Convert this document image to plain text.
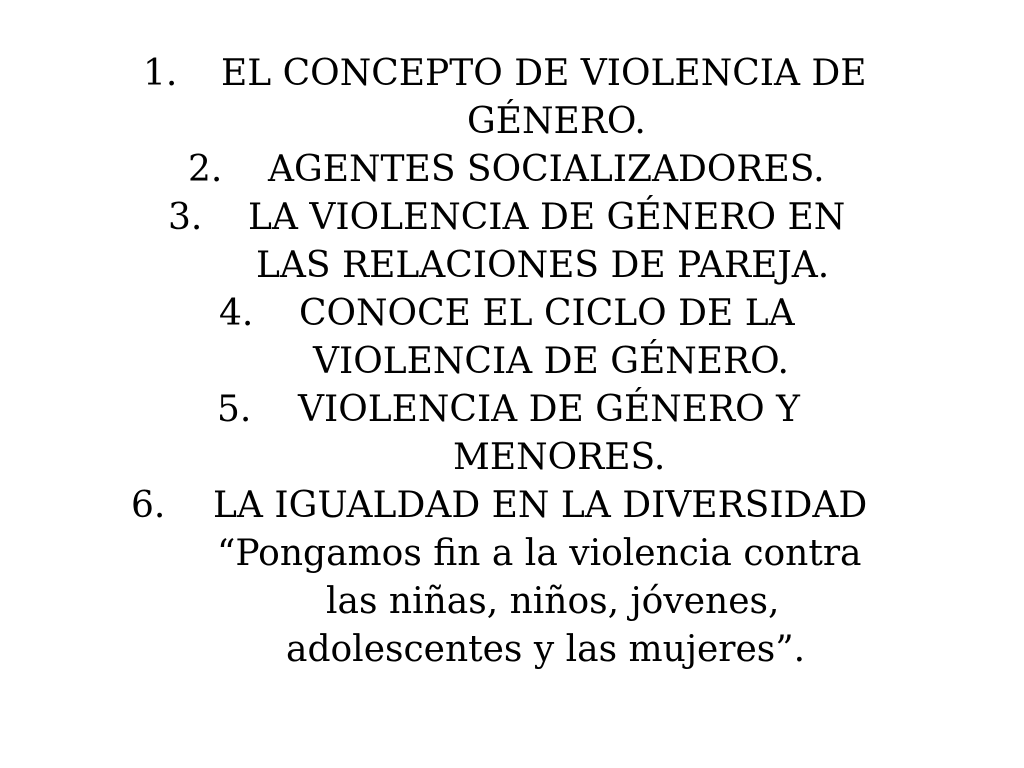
1. EL CONCEPTO DE VIOLENCIA DE
GÉNERO.
2. AGENTES SOCIALIZADORES.
3. LA VIOLENCIA DE GÉNERO EN
LAS RELACIONES DE PAREJA.
4. CONOCE EL CICLO DE LA
VIOLENCIA DE GÉNERO.
5. VIOLENCIA DE GÉNERO Y
MENORES.
6. LA IGUALDAD EN LA DIVERSIDAD
“Pongamos fin a la violencia contra
las niñas, niños, jóvenes,
adolescentes y las mujeres”.
